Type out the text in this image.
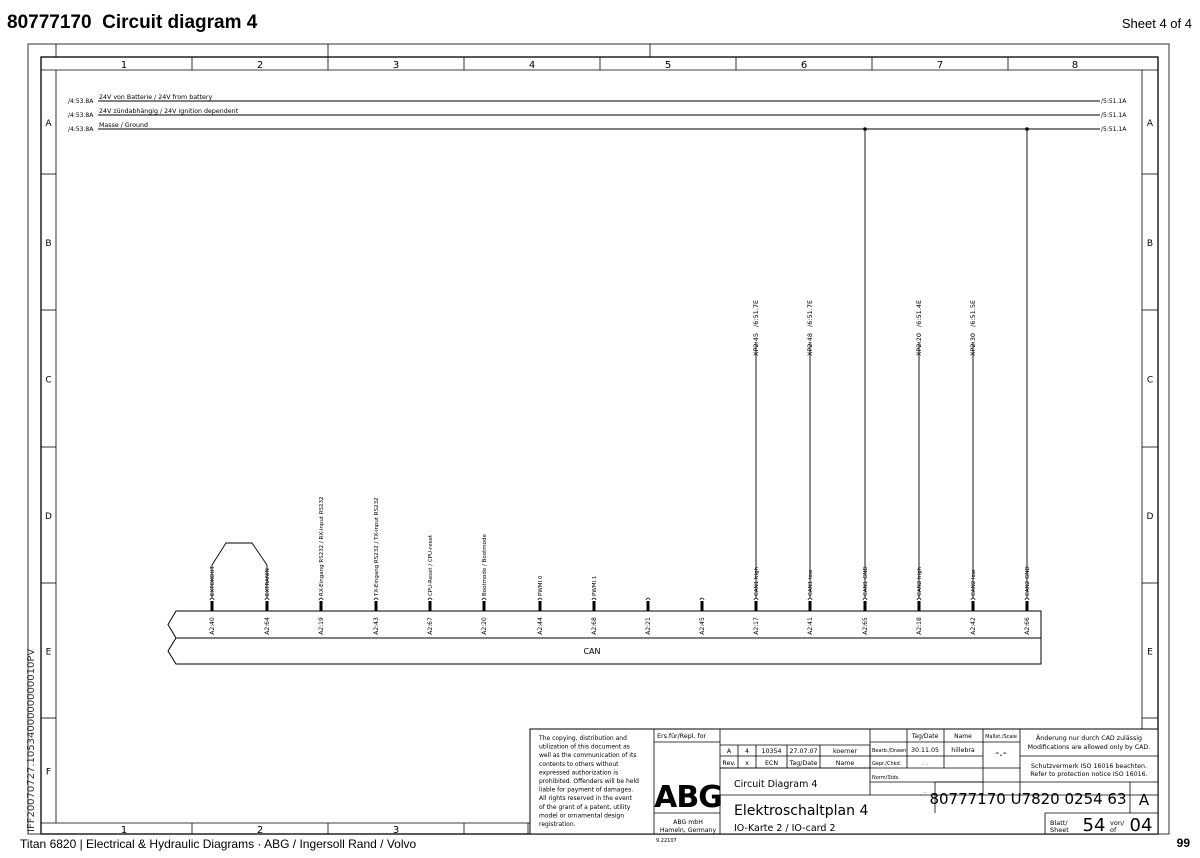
80777170 Circuit diagram 4	Sheet 4 of 4
1	2	3	4	5	6	7	8
1	2	3
A	A
B	B
C	C
D	D
E	E
F
IFF20070727.1053400000000010PV
/4:53.8A
24V von Batterie / 24V from battery
/5:51.1A
/4:53.8A
24V zündabhängig / 24V ignition dependent
/5:51.1A
/4:53.8A
Masse / Ground
/5:51.1A
CAN
A2:40
EXTOKOUT
A2:64
EXTRANIN
A2:19
RX-Eingang RS232 / RX-input RS232
A2:43
TX-Eingang RS232 / TX-input RS232
A2:67
CPU-Reset / CPU-reset
A2:20
Bootmode / Bootmode
A2:44
PWMI.0
A2:68
PWMI.1
A2:21	A2:45	A2:17
CAN1 high
A2:41
CAN1 low
A2:65
CAN1 GND
A2:18
CAN2 high
A2:42
CAN2 low
A2:66
CAN2 GND
XP2:45
/6:51.7E
XP2:48
/6:51.7E
XP2:20
/6:51.4E
XP2:30
/6:51.5E
The copying, distribution and
utilization of this document as
well as the communication of its
contents to others without
expressed authorization is
prohibited. Offenders will be held
liable for payment of damages.
All rights reserved in the event
of the grant of a patent, utility
model or ornamental design
registration.
Ers.für/Repl. for
ABG
ABG mbH
Hameln, Germany
9.22107
A 4 10354 27.07.07 koerner
Rev. x	ECN Tag/Date	Name
Tag/Date	Name
Bearb./Drawn 30.11.05 hillebra
Gepr./Chkd.	. .
Norm/Stds.
.
Maßst./Scale
-.-
Änderung nur durch CAD zulässig
Modifications are allowed only by CAD.
Schutzvermerk ISO 16016 beachten.
Refer to protection notice ISO 16016.
Circuit Diagram 4
Elektroschaltplan 4
IO-Karte 2 / IO-card 2
80777170 U7820 0254 63 A
Blatt/
Sheet 54 von/
of 04
Titan 6820 | Electrical & Hydraulic Diagrams · ABG / Ingersoll Rand / Volvo	99
